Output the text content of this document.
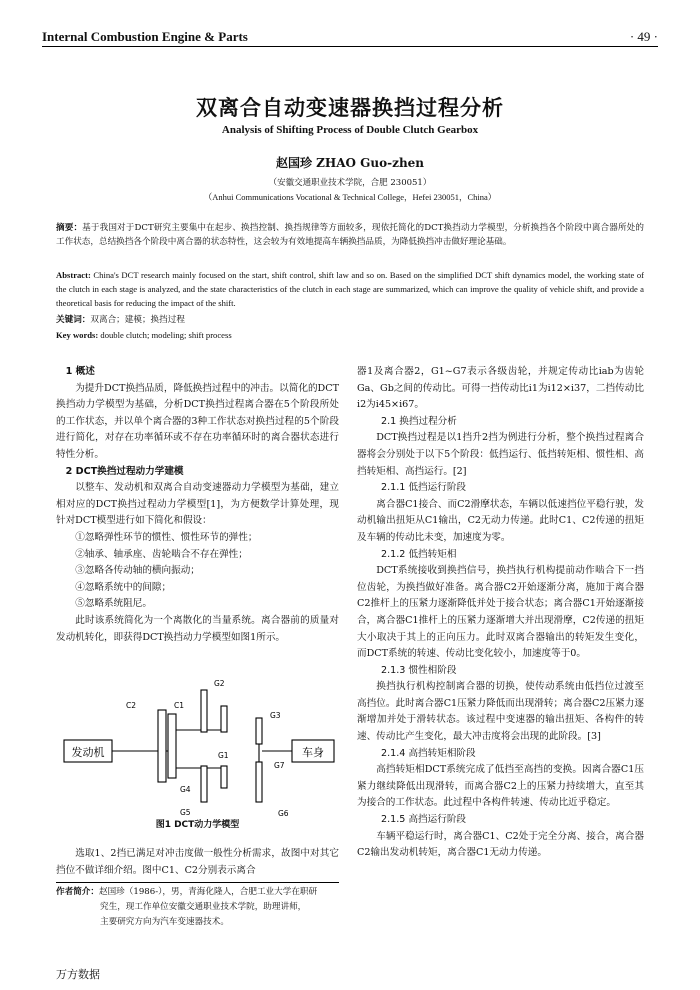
Internal Combustion Engine & Parts	· 49 ·
双离合自动变速器换挡过程分析
Analysis of Shifting Process of Double Clutch Gearbox
赵国珍 ZHAO Guo-zhen
（安徽交通职业技术学院，合肥 230051）
（Anhui Communications Vocational & Technical College，Hefei 230051，China）
摘要：基于我国对于DCT研究主要集中在起步、换挡控制、换挡规律等方面较多，现依托简化的DCT换挡动力学模型，分析换挡各个阶段中离合器所处的工作状态，总结换挡各个阶段中离合器的状态特性，这会较为有效地提高车辆换挡品质，为降低换挡冲击做好理论基础。
Abstract: China's DCT research mainly focused on the start, shift control, shift law and so on. Based on the simplified DCT shift dynamics model, the working state of the clutch in each stage is analyzed, and the state characteristics of the clutch in each stage are summarized, which can improve the quality of vehicle shift, and provide a theoretical basis for reducing the impact of the shift.
关键词：双离合；建模；换挡过程
Key words: double clutch; modeling; shift process

1 概述

为提升DCT换挡品质，降低换挡过程中的冲击。以简化的DCT换挡动力学模型为基础，分析DCT换挡过程离合器在5个阶段所处的工作状态，并以单个离合器的3种工作状态对换挡过程的5个阶段进行简化，对存在功率循环或不存在功率循环时的离合器状态进行特性分析。

2 DCT换挡过程动力学建模

以整车、发动机和双离合自动变速器动力学模型为基础，建立相对应的DCT换挡过程动力学模型[1]，为方便数学计算处理，现针对DCT模型进行如下简化和假设：

①忽略弹性环节的惯性、惯性环节的弹性；

②轴承、轴承座、齿轮啮合不存在弹性；

③忽略各传动轴的横向振动；

④忽略系统中的间隙；

⑤忽略系统阻尼。

此时该系统简化为一个离散化的当量系统。离合器前的质量对发动机转化，即获得DCT换挡动力学模型如图1所示。

发动机	车身
C2	C1
G1
G2
G3
G4
G5	G6
G7
图1 DCT动力学模型

选取1、2挡已满足对冲击度做一般性分析需求，故图中对其它挡位不做详细介绍。图中C1、C2分别表示离合

作者简介：赵国珍（1986-），男，青海化隆人，合肥工业大学在职研
究生，现工作单位安徽交通职业技术学院，助理讲师，
主要研究方向为汽车变速器技术。

器1及离合器2，G1~G7表示各级齿轮，并规定传动比iab为齿轮Ga、Gb之间的传动比。可得一挡传动比i1为i12×i37，二挡传动比i2为i45×i67。

2.1 换挡过程分析

DCT换挡过程是以1挡升2挡为例进行分析，整个换挡过程离合器将会分别处于以下5个阶段：低挡运行、低挡转矩相、惯性相、高挡转矩相、高挡运行。[2]

2.1.1 低挡运行阶段

离合器C1接合、而C2滑摩状态，车辆以低速挡位平稳行驶，发动机输出扭矩从C1输出，C2无动力传递。此时C1、C2传递的扭矩及车辆的传动比未变，加速度为零。

2.1.2 低挡转矩相

DCT系统接收到换挡信号，换挡执行机构提前动作啮合下一挡位齿轮，为换挡做好准备。离合器C2开始逐渐分离，施加于离合器C2推杆上的压紧力逐渐降低并处于接合状态；离合器C1开始逐渐接合，离合器C1推杆上的压紧力逐渐增大并出现滑摩，C2传递的扭矩大小取决于其上的正向压力。此时双离合器输出的转矩发生变化，而DCT系统的转速、传动比变化较小，加速度等于0。

2.1.3 惯性相阶段

换挡执行机构控制离合器的切换，使传动系统由低挡位过渡至高挡位。此时离合器C1压紧力降低而出现滑转；离合器C2压紧力逐渐增加并处于滑转状态。该过程中变速器的输出扭矩、各构件的转速、传动比产生变化，最大冲击度将会出现的此阶段。[3]

2.1.4 高挡转矩相阶段

高挡转矩相DCT系统完成了低挡至高挡的变换。因离合器C1压紧力继续降低出现滑转，而离合器C2上的压紧力持续增大，直至其为接合的工作状态。此过程中各构件转速、传动比近乎稳定。

2.1.5 高挡运行阶段

车辆平稳运行时，离合器C1、C2处于完全分离、接合，离合器C2输出发动机转矩，离合器C1无动力传递。

万方数据
